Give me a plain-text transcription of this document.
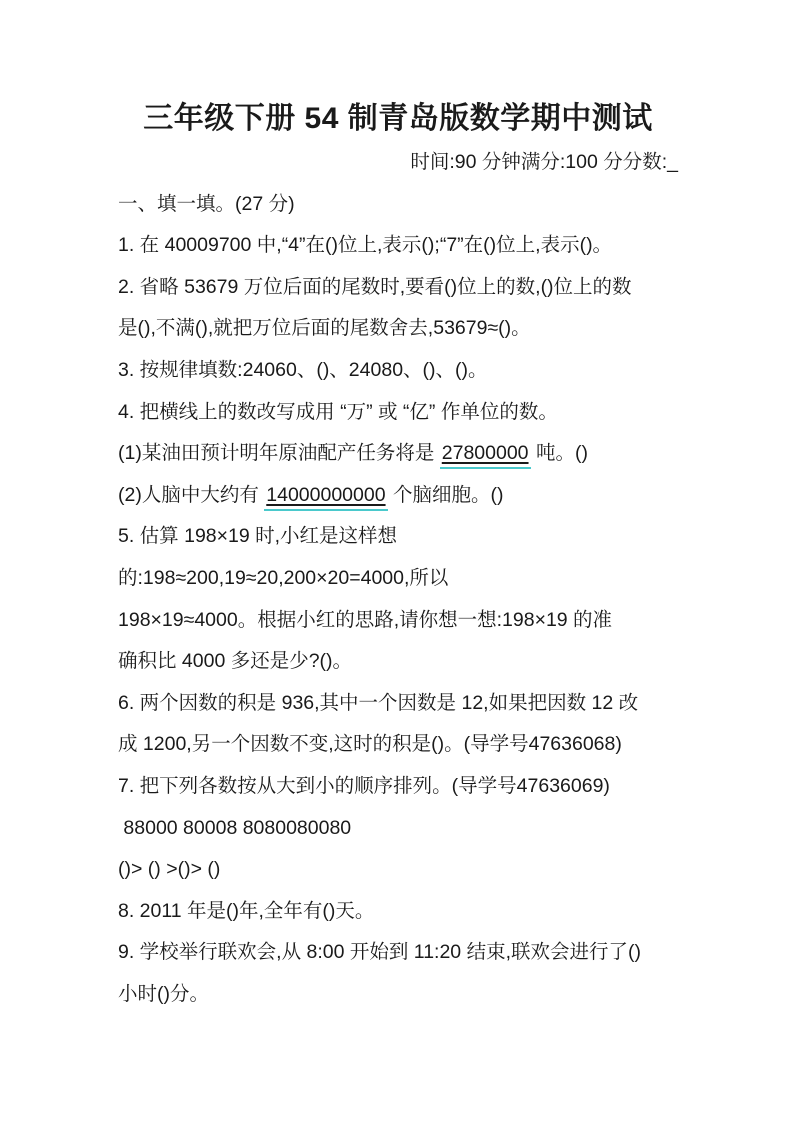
三年级下册 54 制青岛版数学期中测试
时间:90 分钟满分:100 分分数:_
一、填一填。(27 分)
1. 在 40009700 中,“4”在()位上,表示();“7”在()位上,表示()。
2. 省略 53679 万位后面的尾数时,要看()位上的数,()位上的数
是(),不满(),就把万位后面的尾数舍去,53679≈()。
3. 按规律填数:24060、()、24080、()、()。
4. 把横线上的数改写成用 “万” 或 “亿” 作单位的数。
(1)某油田预计明年原油配产任务将是 27800000 吨。()
(2)人脑中大约有 14000000000 个脑细胞。()
5. 估算 198×19 时,小红是这样想
的:198≈200,19≈20,200×20=4000,所以
198×19≈4000。根据小红的思路,请你想一想:198×19 的准
确积比 4000 多还是少?()。
6. 两个因数的积是 936,其中一个因数是 12,如果把因数 12 改
成 1200,另一个因数不变,这时的积是()。(导学号47636068)
7. 把下列各数按从大到小的顺序排列。(导学号47636069)
88000 80008 8080080080
()> () >()> ()
8. 2011 年是()年,全年有()天。
9. 学校举行联欢会,从 8:00 开始到 11:20 结束,联欢会进行了()
小时()分。
